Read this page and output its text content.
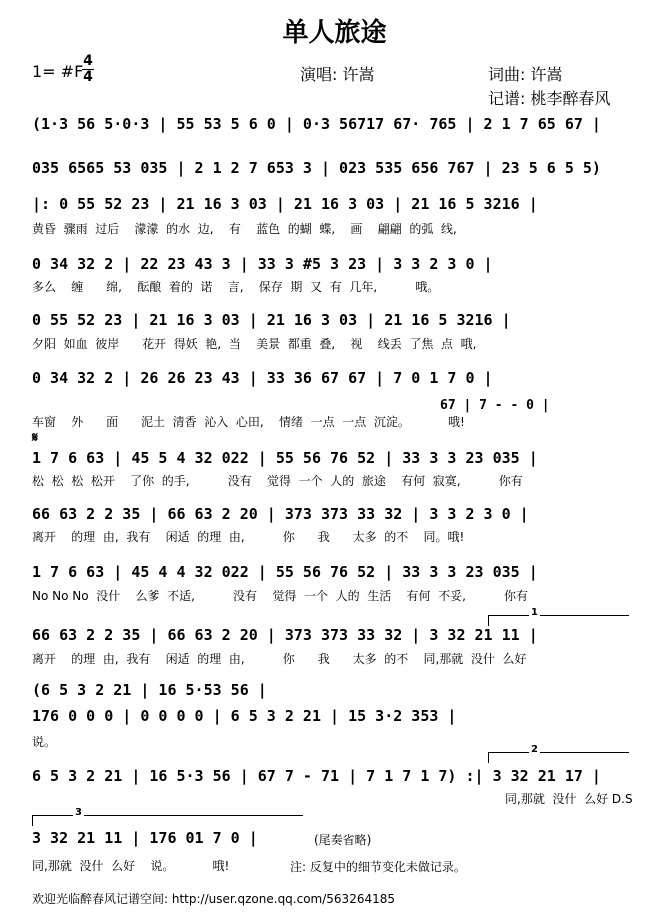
单人旅途
1= #F
4
4	演唱: 许嵩	词曲: 许嵩
记谱: 桃李醉春风
(1·3 56 5·0·3 | 55 53 5 6 0 | 0·3 56717 67· 765 | 2 1 7 65 67 |
035 6565 53 035 | 2 1 2 7 653 3 | 023 535 656 767 | 23 5 6 5 5)
|: 0 55 52 23 | 21 16 3 03 | 21 16 3 03 | 21 16 5 3216 |
黄昏  骤雨  过后    濛濛  的水  边,    有    蓝色  的蝴  蝶,    画    翩翩  的弧  线,
0 34 32 2 | 22 23 43 3 | 33 3 #5 3 23 | 3 3 2 3 0 |
多么    缠      绵,    酝酿  着的  诺    言,    保存  期  又  有  几年,          哦。
0 55 52 23 | 21 16 3 03 | 21 16 3 03 | 21 16 5 3216 |
夕阳  如血  彼岸      花开  得妖  艳,  当    美景  都重  叠,    视    线丢  了焦  点  哦,
0 34 32 2 | 26 26 23 43 | 33 36 67 67 | 7 0 1 7 0 |
67 | 7 - - 0 |
车窗    外      面      泥土  清香  沁入  心田,    情绪  一点  一点  沉淀。          哦!
𝄋
1 7 6 63 | 45 5 4 32 022 | 55 56 76 52 | 33 3 3 23 035 |
松  松  松  松开    了你  的手,          没有    觉得  一个  人的  旅途    有何  寂寞,          你有
66 63 2 2 35 | 66 63 2 20 | 373 373 33 32 | 3 3 2 3 0 |
离开    的理  由,  我有    闲适  的理  由,          你      我      太多  的不    同。哦!
1 7 6 63 | 45 4 4 32 022 | 55 56 76 52 | 33 3 3 23 035 |
No No No  没什    么爹  不适,          没有    觉得  一个  人的  生活    有何  不妥,          你有
1
66 63 2 2 35 | 66 63 2 20 | 373 373 33 32 | 3 32 21 11 |
离开    的理  由,  我有    闲适  的理  由,          你      我      太多  的不    同,那就  没什  么好
(6 5 3 2 21 | 16 5·53 56 |
176 0 0 0 | 0 0 0 0 | 6 5 3 2 21 | 15 3·2 353 |
说。
2
6 5 3 2 21 | 16 5·3 56 | 67 7 - 71 | 7 1 7 1 7) :| 3 32 21 17 |
同,那就  没什  么好 D.S
3
3 32 21 11 | 176 01 7 0 |	(尾奏省略)
同,那就  没什  么好    说。          哦!	注: 反复中的细节变化未做记录。
欢迎光临醉春风记谱空间: http://user.qzone.qq.com/563264185
